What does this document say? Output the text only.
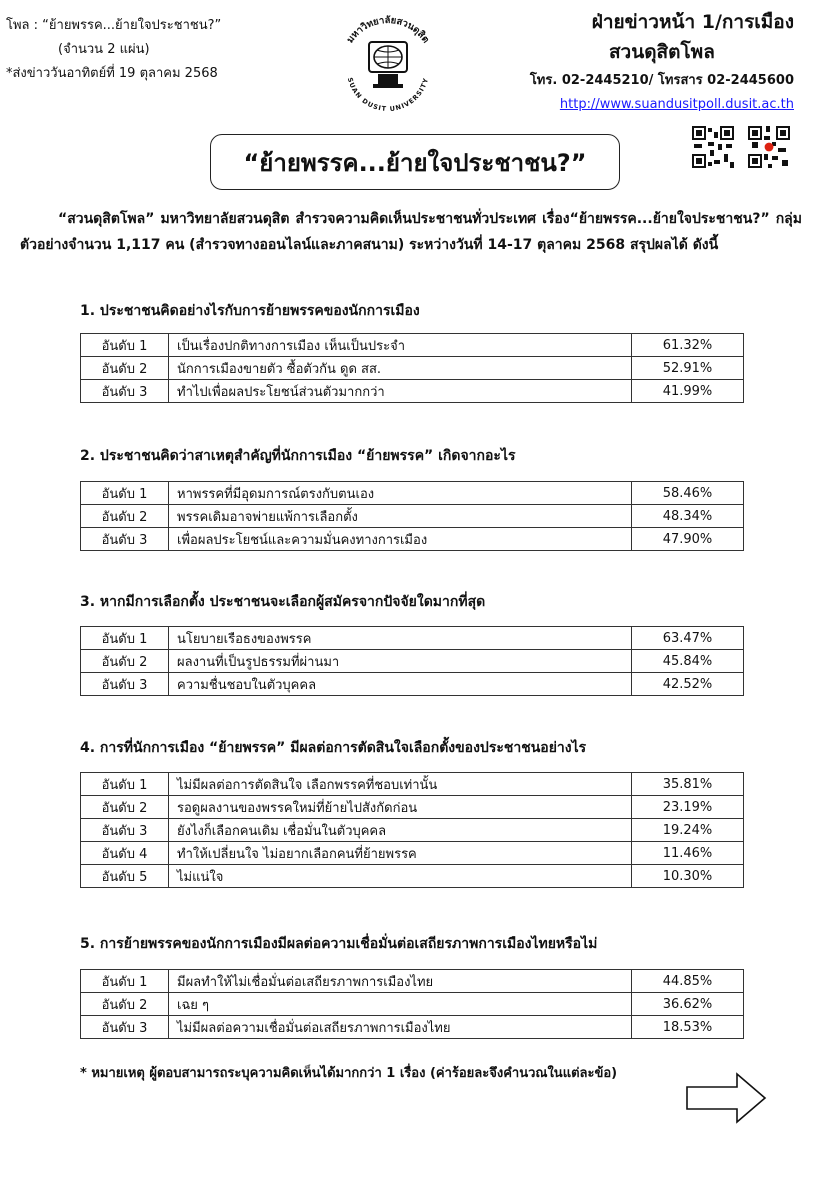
โพล : “ย้ายพรรค...ย้ายใจประชาชน?”
(จำนวน 2 แผ่น)
*ส่งข่าววันอาทิตย์ที่ 19 ตุลาคม 2568
มหาวิทยาลัยสวนดุสิต
SUAN DUSIT UNIVERSITY
ฝ่ายข่าวหน้า 1/การเมือง
สวนดุสิตโพล
โทร. 02-2445210/ โทรสาร 02-2445600
http://www.suandusitpoll.dusit.ac.th
“ย้ายพรรค...ย้ายใจประชาชน?”
“สวนดุสิตโพล” มหาวิทยาลัยสวนดุสิต สำรวจความคิดเห็นประชาชนทั่วประเทศ เรื่อง“ย้ายพรรค...ย้ายใจประชาชน?” กลุ่มตัวอย่างจำนวน 1,117 คน (สำรวจทางออนไลน์และภาคสนาม) ระหว่างวันที่ 14-17 ตุลาคม 2568 สรุปผลได้ ดังนี้
1. ประชาชนคิดอย่างไรกับการย้ายพรรคของนักการเมือง
อันดับ 1	เป็นเรื่องปกติทางการเมือง เห็นเป็นประจำ	61.32%
อันดับ 2	นักการเมืองขายตัว ซื้อตัวกัน ดูด สส.	52.91%
อันดับ 3	ทำไปเพื่อผลประโยชน์ส่วนตัวมากกว่า	41.99%
2. ประชาชนคิดว่าสาเหตุสำคัญที่นักการเมือง “ย้ายพรรค” เกิดจากอะไร
อันดับ 1	หาพรรคที่มีอุดมการณ์ตรงกับตนเอง	58.46%
อันดับ 2	พรรคเดิมอาจพ่ายแพ้การเลือกตั้ง	48.34%
อันดับ 3	เพื่อผลประโยชน์และความมั่นคงทางการเมือง	47.90%
3. หากมีการเลือกตั้ง ประชาชนจะเลือกผู้สมัครจากปัจจัยใดมากที่สุด
อันดับ 1	นโยบายเรือธงของพรรค	63.47%
อันดับ 2	ผลงานที่เป็นรูปธรรมที่ผ่านมา	45.84%
อันดับ 3	ความชื่นชอบในตัวบุคคล	42.52%
4. การที่นักการเมือง “ย้ายพรรค” มีผลต่อการตัดสินใจเลือกตั้งของประชาชนอย่างไร
อันดับ 1	ไม่มีผลต่อการตัดสินใจ เลือกพรรคที่ชอบเท่านั้น	35.81%
อันดับ 2	รอดูผลงานของพรรคใหม่ที่ย้ายไปสังกัดก่อน	23.19%
อันดับ 3	ยังไงก็เลือกคนเดิม เชื่อมั่นในตัวบุคคล	19.24%
อันดับ 4	ทำให้เปลี่ยนใจ ไม่อยากเลือกคนที่ย้ายพรรค	11.46%
อันดับ 5	ไม่แน่ใจ	10.30%
5. การย้ายพรรคของนักการเมืองมีผลต่อความเชื่อมั่นต่อเสถียรภาพการเมืองไทยหรือไม่
อันดับ 1	มีผลทำให้ไม่เชื่อมั่นต่อเสถียรภาพการเมืองไทย	44.85%
อันดับ 2	เฉย ๆ	36.62%
อันดับ 3	ไม่มีผลต่อความเชื่อมั่นต่อเสถียรภาพการเมืองไทย	18.53%
* หมายเหตุ ผู้ตอบสามารถระบุความคิดเห็นได้มากกว่า 1 เรื่อง (ค่าร้อยละจึงคำนวณในแต่ละข้อ)
